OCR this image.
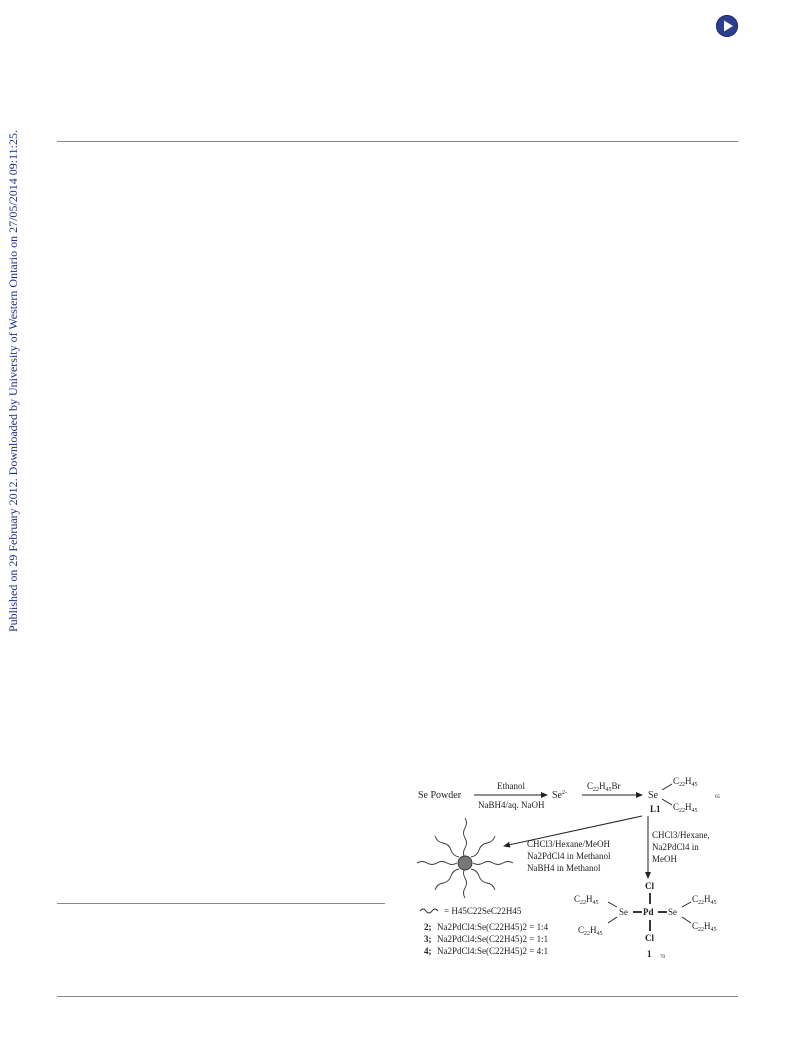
Published on 29 February 2012. Downloaded by University of Western Ontario on 27/05/2014 09:11:25.
Se Powder
Ethanol
NaBH4/aq. NaOH
$Se^{2-}$
$C_{22}H_{45}Br$
Se
$C_{22}H_{45}$
$C_{22}H_{45}$
65
L1
CHCl3/Hexane,
Na2PdCl4 in
MeOH
CHCl3/Hexane/MeOH
Na2PdCl4 in Methanol
NaBH4 in Methanol
= H45C22SeC22H45
2; Na2PdCl4:Se(C22H45)2 = 1:4
3; Na2PdCl4:Se(C22H45)2 = 1:1
4; Na2PdCl4:Se(C22H45)2 = 4:1
Cl
Se Pd Se
Cl
$C_{22}H_{45}$
$C_{22}H_{45}$
$C_{22}H_{45}$
$C_{22}H_{45}$
1 70
